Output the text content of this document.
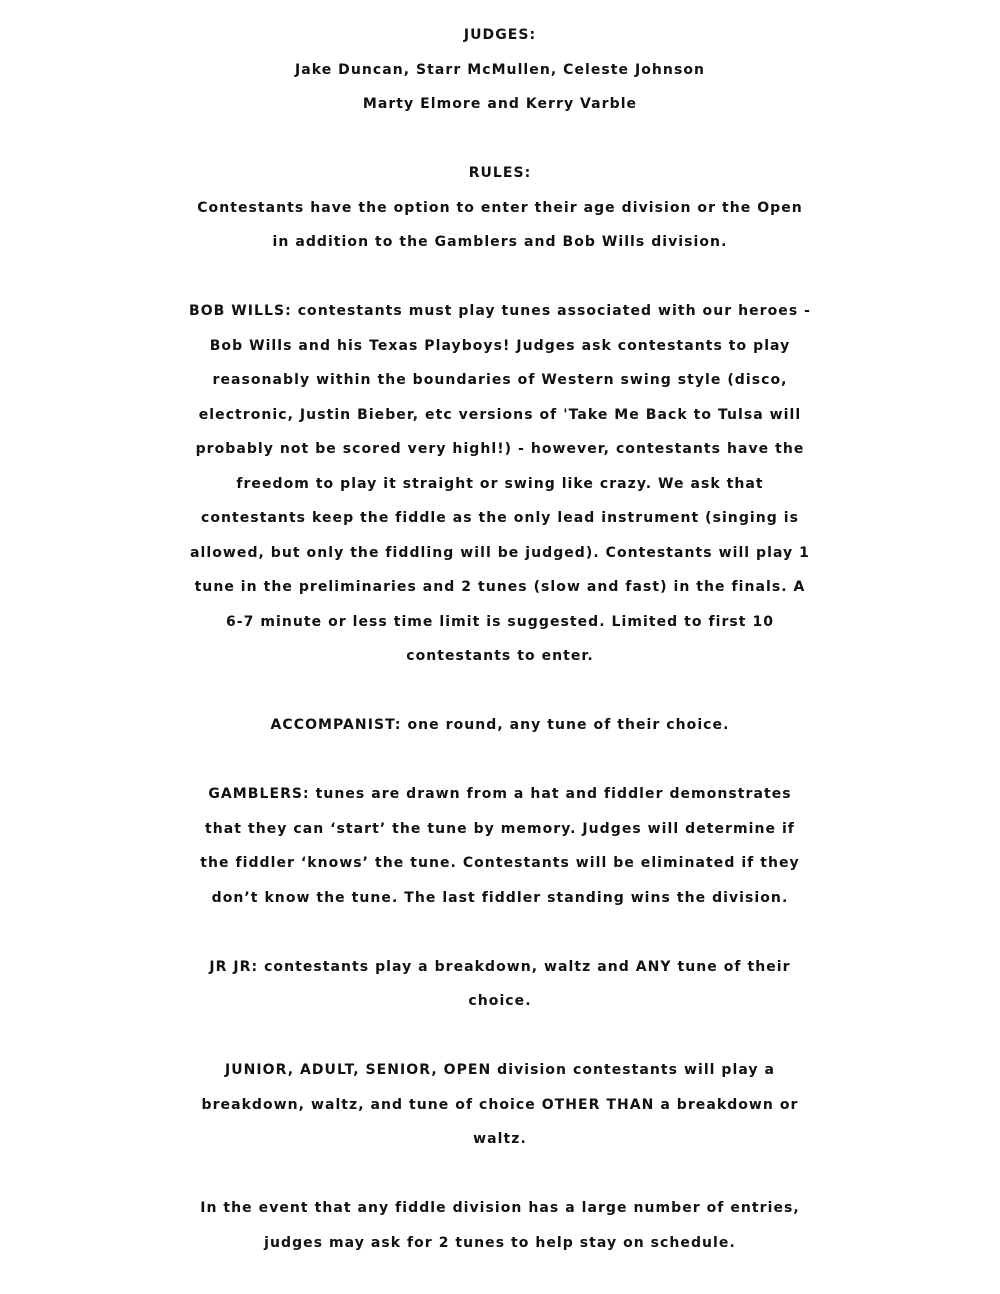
JUDGES:
Jake Duncan, Starr McMullen, Celeste Johnson
Marty Elmore and Kerry Varble
RULES:
Contestants have the option to enter their age division or the Open
in addition to the Gamblers and Bob Wills division.
BOB WILLS: contestants must play tunes associated with our heroes -
Bob Wills and his Texas Playboys! Judges ask contestants to play
reasonably within the boundaries of Western swing style (disco,
electronic, Justin Bieber, etc versions of 'Take Me Back to Tulsa will
probably not be scored very highl!) - however, contestants have the
freedom to play it straight or swing like crazy. We ask that
contestants keep the fiddle as the only lead instrument (singing is
allowed, but only the fiddling will be judged). Contestants will play 1
tune in the preliminaries and 2 tunes (slow and fast) in the finals. A
6-7 minute or less time limit is suggested. Limited to first 10
contestants to enter.
ACCOMPANIST: one round, any tune of their choice.
GAMBLERS: tunes are drawn from a hat and fiddler demonstrates
that they can ‘start’ the tune by memory. Judges will determine if
the fiddler ‘knows’ the tune. Contestants will be eliminated if they
don’t know the tune. The last fiddler standing wins the division.
JR JR: contestants play a breakdown, waltz and ANY tune of their
choice.
JUNIOR, ADULT, SENIOR, OPEN division contestants will play a
breakdown, waltz, and tune of choice OTHER THAN a breakdown or
waltz.
In the event that any fiddle division has a large number of entries,
judges may ask for 2 tunes to help stay on schedule.
